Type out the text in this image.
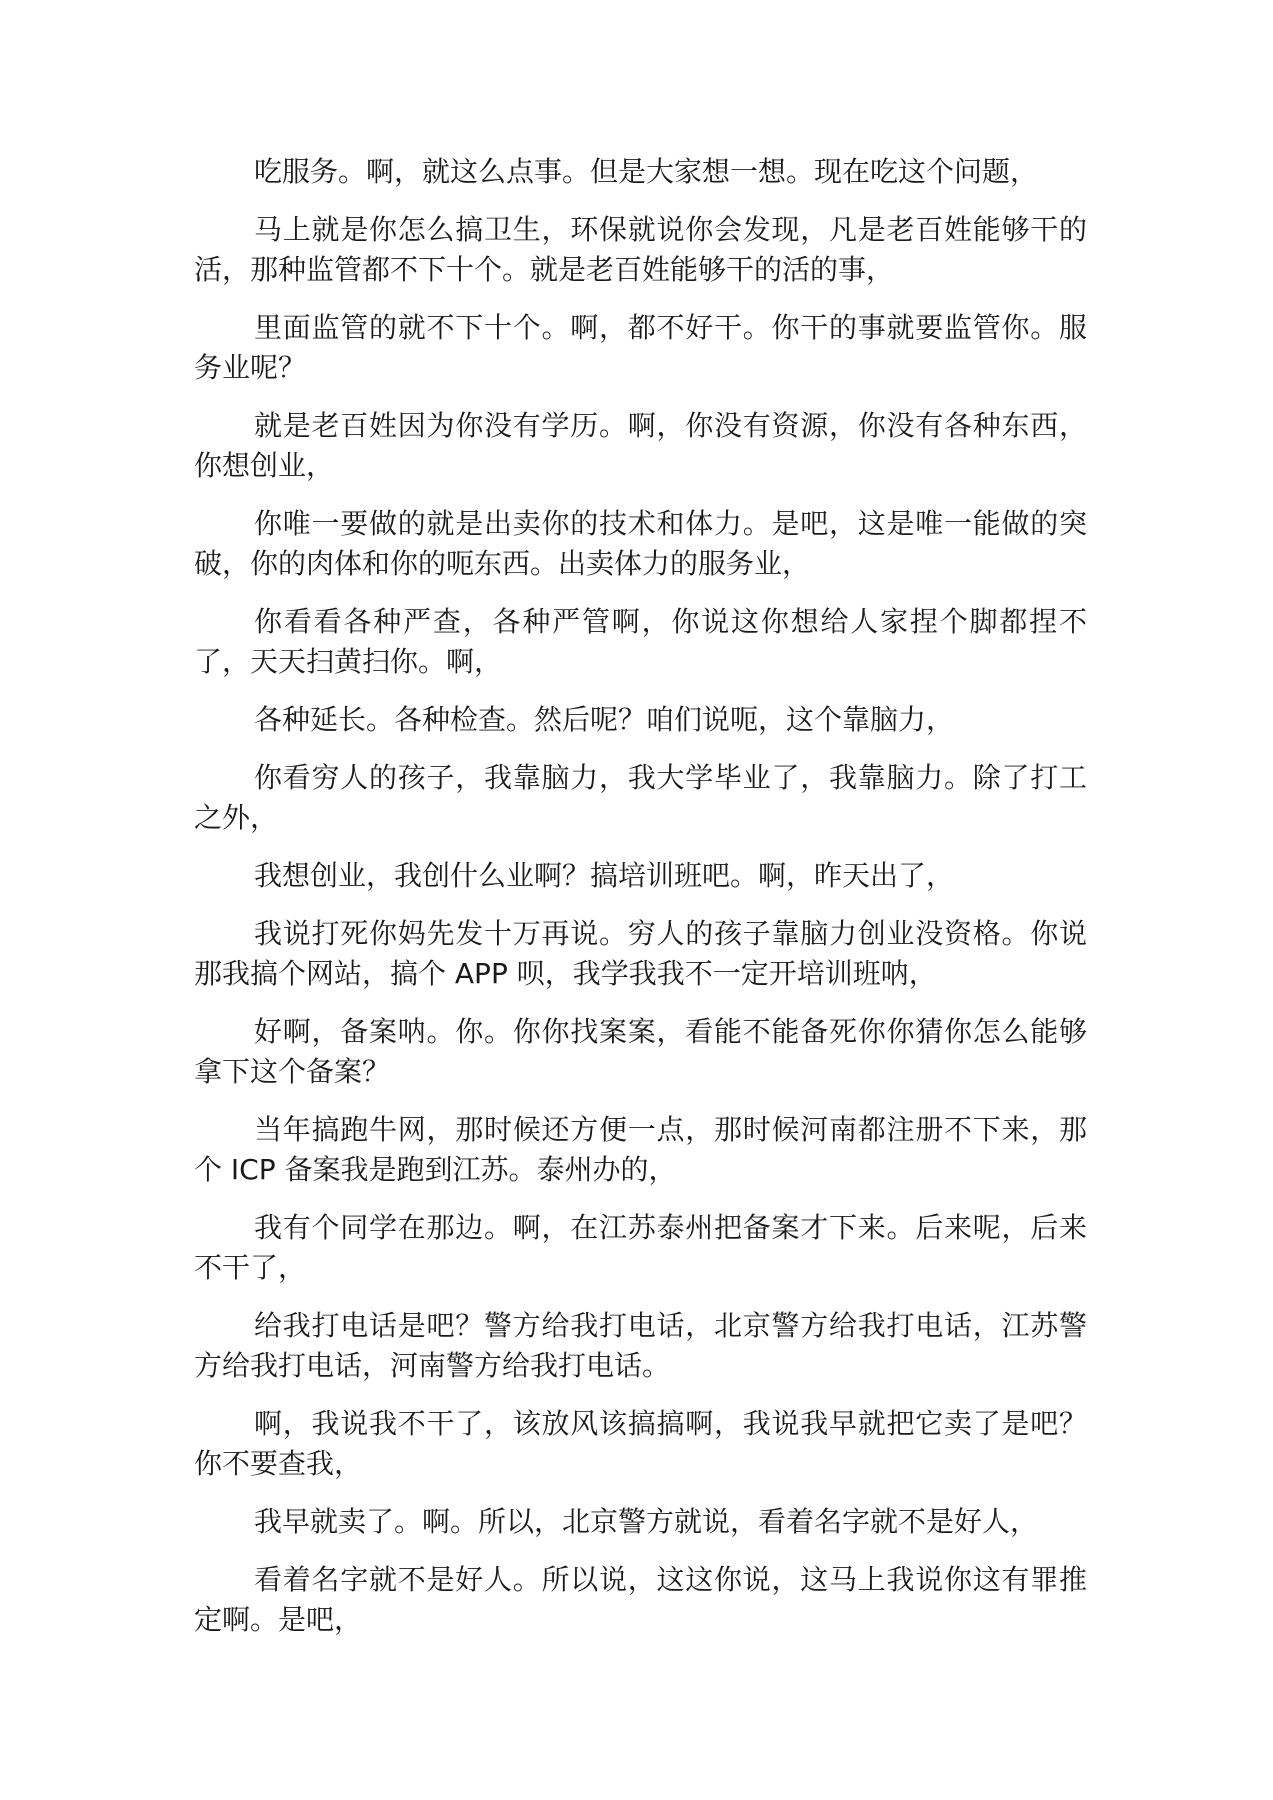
吃服务。啊，就这么点事。但是大家想一想。现在吃这个问题，

马上就是你怎么搞卫生，环保就说你会发现，凡是老百姓能够干的活，那种监管都不下十个。就是老百姓能够干的活的事，

里面监管的就不下十个。啊，都不好干。你干的事就要监管你。服务业呢？

就是老百姓因为你没有学历。啊，你没有资源，你没有各种东西，你想创业，

你唯一要做的就是出卖你的技术和体力。是吧，这是唯一能做的突破，你的肉体和你的呃东西。出卖体力的服务业，

你看看各种严查，各种严管啊，你说这你想给人家捏个脚都捏不了，天天扫黄扫你。啊，

各种延长。各种检查。然后呢？咱们说呃，这个靠脑力，

你看穷人的孩子，我靠脑力，我大学毕业了，我靠脑力。除了打工之外，

我想创业，我创什么业啊？搞培训班吧。啊，昨天出了，

我说打死你妈先发十万再说。穷人的孩子靠脑力创业没资格。你说那我搞个网站，搞个 APP 呗，我学我我不一定开培训班呐，

好啊，备案呐。你。你你找案案，看能不能备死你你猜你怎么能够拿下这个备案？

当年搞跑牛网，那时候还方便一点，那时候河南都注册不下来，那个 ICP 备案我是跑到江苏。泰州办的，

我有个同学在那边。啊，在江苏泰州把备案才下来。后来呢，后来不干了，

给我打电话是吧？警方给我打电话，北京警方给我打电话，江苏警方给我打电话，河南警方给我打电话。

啊，我说我不干了，该放风该搞搞啊，我说我早就把它卖了是吧？你不要查我，

我早就卖了。啊。所以，北京警方就说，看着名字就不是好人，

看着名字就不是好人。所以说，这这你说，这马上我说你这有罪推定啊。是吧，
